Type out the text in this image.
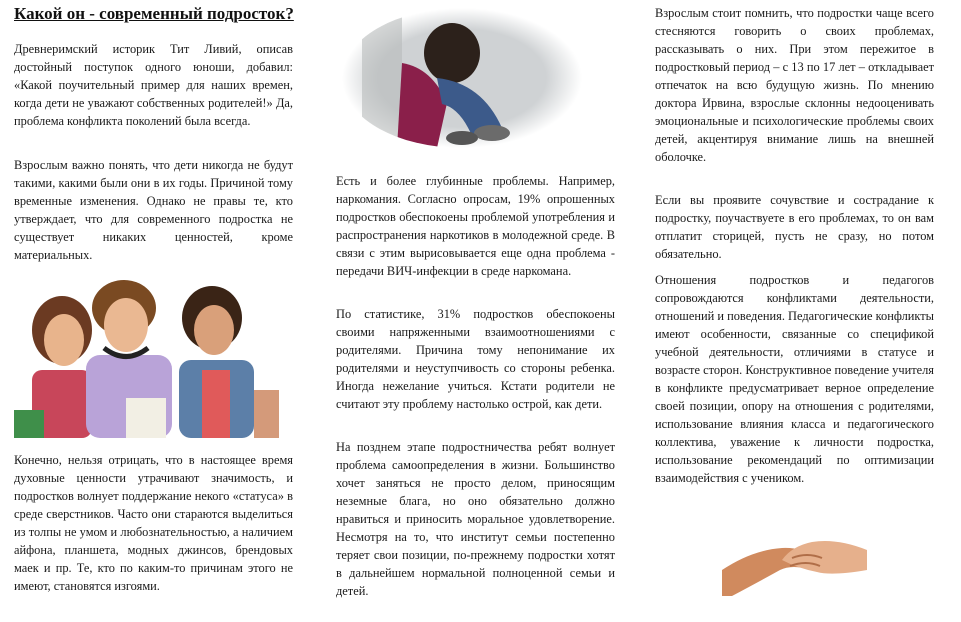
Какой он - современный подросток?

Древнеримский историк Тит Ливий, описав достойный поступок одного юноши, добавил: «Какой поучительный пример для наших времен, когда дети не уважают собственных родителей!» Да, проблема конфликта поколений была всегда.

Взрослым важно понять, что дети никогда не будут такими, какими были они в их годы. Причиной тому временные изменения. Однако не правы те, кто утверждает, что для современного подростка не существует никаких ценностей, кроме материальных.

Конечно, нельзя отрицать, что в настоящее время духовные ценности утрачивают значимость, и подростков волнует поддержание некого «статуса» в среде сверстников. Часто они стараются выделиться из толпы не умом и любознательностью, а наличием айфона, планшета, модных джинсов, брендовых маек и пр. Те, кто по каким-то причинам этого не имеют, становятся изгоями.

Есть и более глубинные проблемы. Например, наркомания. Согласно опросам, 19% опрошенных подростков обеспокоены проблемой употребления и распространения наркотиков в молодежной среде. В связи с этим вырисовывается еще одна проблема - передачи ВИЧ-инфекции в среде наркомана.

По статистике, 31% подростков обеспокоены своими напряженными взаимоотношениями с родителями. Причина тому непонимание их родителями и неуступчивость со стороны ребенка. Иногда нежелание учиться. Кстати родители не считают эту проблему настолько острой, как дети.

На позднем этапе подростничества ребят волнует проблема самоопределения в жизни. Большинство хочет заняться не просто делом, приносящим неземные блага, но оно обязательно должно нравиться и приносить моральное удовлетворение. Несмотря на то, что институт семьи постепенно теряет свои позиции, по-прежнему подростки хотят в дальнейшем нормальной полноценной семьи и детей.

Взрослым стоит помнить, что подростки чаще всего стесняются говорить о своих проблемах, рассказывать о них. При этом пережитое в подростковый период – с 13 по 17 лет – откладывает отпечаток на всю будущую жизнь. По мнению доктора Ирвина, взрослые склонны недооценивать эмоциональные и психологические проблемы своих детей, акцентируя внимание лишь на внешней оболочке.

Если вы проявите сочувствие и сострадание к подростку, поучаствуете в его проблемах, то он вам отплатит сторицей, пусть не сразу, но потом обязательно.

Отношения подростков и педагогов сопровождаются конфликтами деятельности, отношений и поведения. Педагогические конфликты имеют особенности, связанные со спецификой учебной деятельности, отличиями в статусе и возрасте сторон. Конструктивное поведение учителя в конфликте предусматривает верное определение своей позиции, опору на отношения с родителями, использование влияния класса и педагогического коллектива, уважение к личности подростка, использование рекомендаций по оптимизации взаимодействия с учеником.
